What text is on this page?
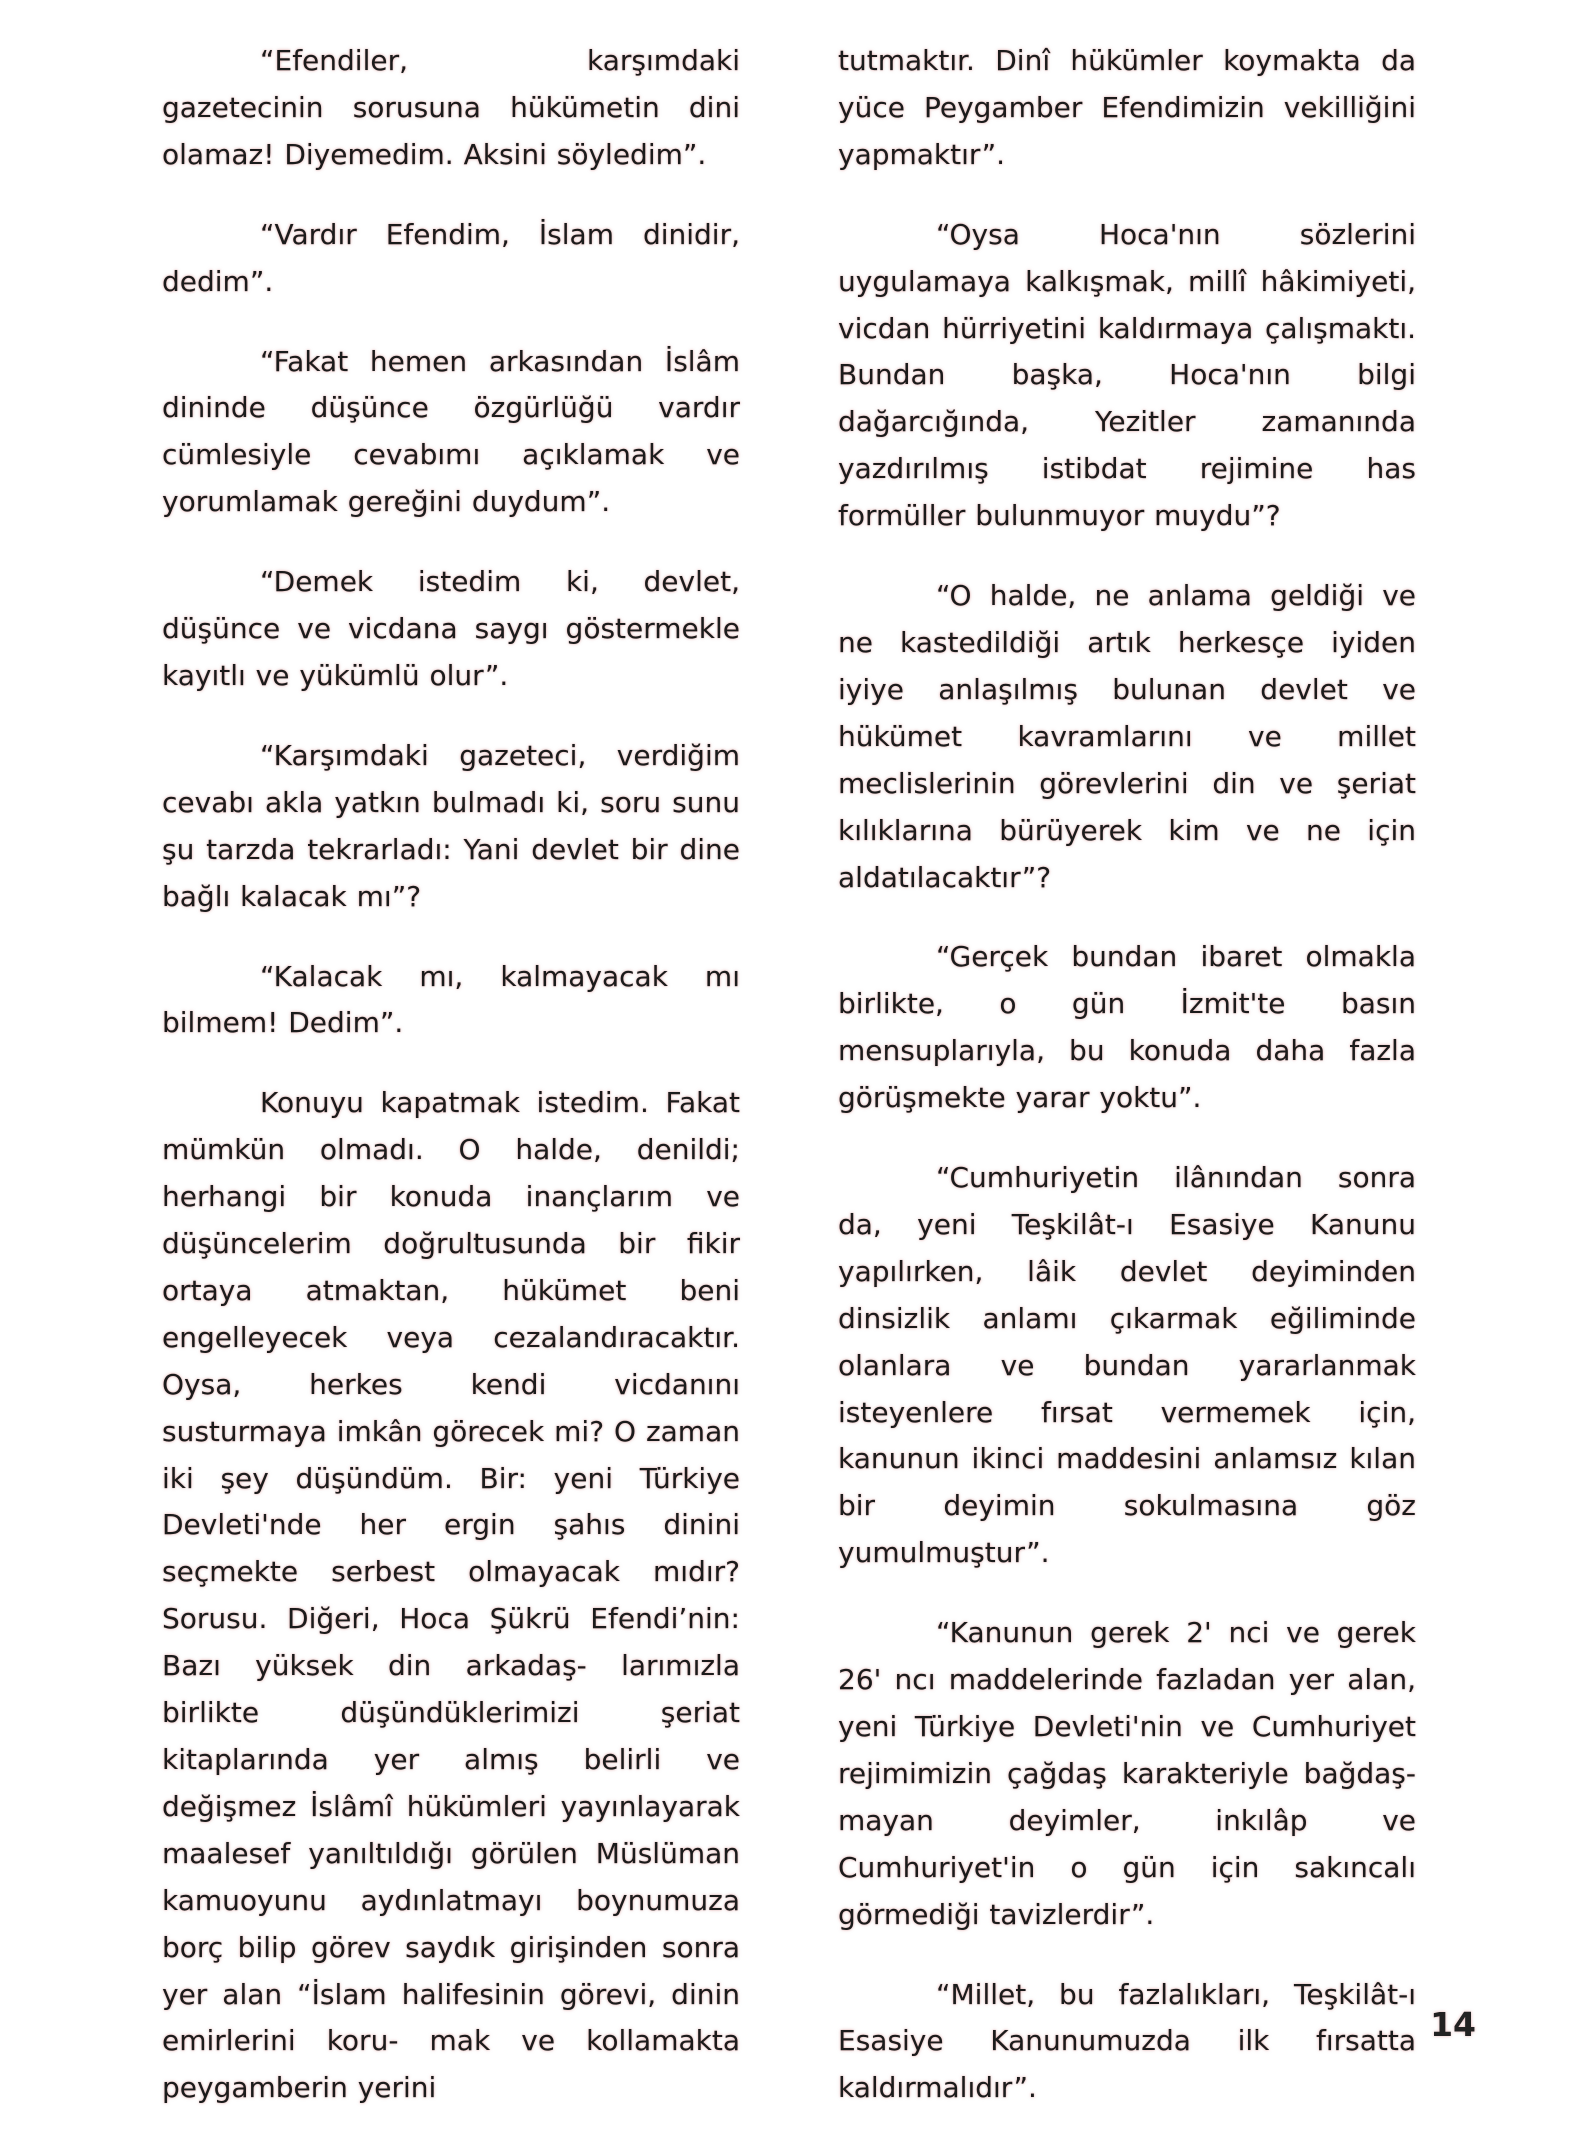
“Efendiler, karşımdaki gazetecinin sorusuna hükümetin dini olamaz! Diyemedim. Aksini söyledim”.

“Vardır Efendim, İslam dinidir, dedim”.

“Fakat hemen arkasından İslâm dininde düşünce özgürlüğü vardır cümlesiyle cevabımı açıklamak ve yorumlamak gereğini duydum”.

“Demek istedim ki, devlet, düşünce ve vicdana saygı göstermekle kayıtlı ve yükümlü olur”.

“Karşımdaki gazeteci, verdiğim cevabı akla yatkın bulmadı ki, soru sunu şu tarzda tekrarladı: Yani devlet bir dine bağlı kalacak mı”?

“Kalacak mı, kalmayacak mı bilmem! Dedim”.

Konuyu kapatmak istedim. Fakat mümkün olmadı. O halde, denildi; herhangi bir konuda inançlarım ve düşüncelerim doğrultusunda bir fikir ortaya atmaktan, hükümet beni engelleyecek veya cezalandıracaktır. Oysa, herkes kendi vicdanını susturmaya imkân görecek mi? O zaman iki şey düşündüm. Bir: yeni Türkiye Devleti'nde her ergin şahıs dinini seçmekte serbest olmayacak mıdır? Sorusu. Diğeri, Hoca Şükrü Efendi’nin: Bazı yüksek din arkadaş- larımızla birlikte düşündüklerimizi şeriat kitaplarında yer almış belirli ve değişmez İslâmî hükümleri yayınlayarak maalesef yanıltıldığı görülen Müslüman kamuoyunu aydınlatmayı boynumuza borç bilip görev saydık girişinden sonra yer alan “İslam halifesinin görevi, dinin emirlerini koru- mak ve kollamakta peygamberin yerini

tutmaktır. Dinî hükümler koymakta da yüce Peygamber Efendimizin vekilliğini yapmaktır”.

“Oysa Hoca'nın sözlerini uygulamaya kalkışmak, millî hâkimiyeti, vicdan hürriyetini kaldırmaya çalışmaktı. Bundan başka, Hoca'nın bilgi dağarcığında, Yezitler zamanında yazdırılmış istibdat rejimine has formüller bulunmuyor muydu”?

“O halde, ne anlama geldiği ve ne kastedildiği artık herkesçe iyiden iyiye anlaşılmış bulunan devlet ve hükümet kavramlarını ve millet meclislerinin görevlerini din ve şeriat kılıklarına bürüyerek kim ve ne için aldatılacaktır”?

“Gerçek bundan ibaret olmakla birlikte, o gün İzmit'te basın mensuplarıyla, bu konuda daha fazla görüşmekte yarar yoktu”.

“Cumhuriyetin ilânından sonra da, yeni Teşkilât-ı Esasiye Kanunu yapılırken, lâik devlet deyiminden dinsizlik anlamı çıkarmak eğiliminde olanlara ve bundan yararlanmak isteyenlere fırsat vermemek için, kanunun ikinci maddesini anlamsız kılan bir deyimin sokulmasına göz yumulmuştur”.

“Kanunun gerek 2' nci ve gerek 26' ncı maddelerinde fazladan yer alan, yeni Türkiye Devleti'nin ve Cumhuriyet rejimimizin çağdaş karakteriyle bağdaş- mayan deyimler, inkılâp ve Cumhuriyet'in o gün için sakıncalı görmediği tavizlerdir”.

“Millet, bu fazlalıkları, Teşkilât-ı Esasiye Kanunumuzda ilk fırsatta kaldırmalıdır”.

14
